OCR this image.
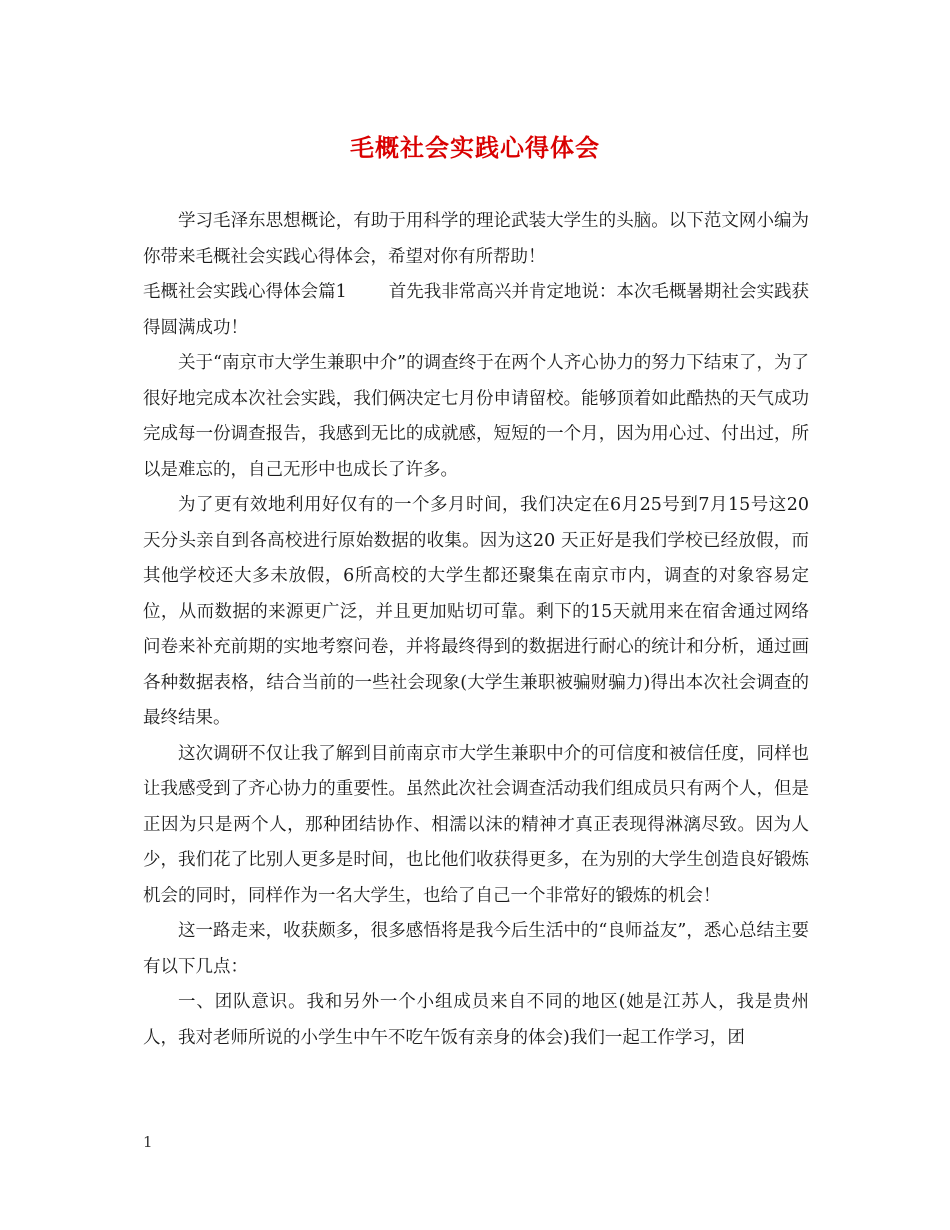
毛概社会实践心得体会

学习毛泽东思想概论，有助于用科学的理论武装大学生的头脑。以下范文网小编为你带来毛概社会实践心得体会，希望对你有所帮助！

毛概社会实践心得体会篇1 首先我非常高兴并肯定地说：本次毛概暑期社会实践获得圆满成功！

关于“南京市大学生兼职中介”的调查终于在两个人齐心协力的努力下结束了，为了很好地完成本次社会实践，我们俩决定七月份申请留校。能够顶着如此酷热的天气成功完成每一份调查报告，我感到无比的成就感，短短的一个月，因为用心过、付出过，所以是难忘的，自己无形中也成长了许多。

为了更有效地利用好仅有的一个多月时间，我们决定在6月25号到7月15号这20 天分头亲自到各高校进行原始数据的收集。因为这20 天正好是我们学校已经放假，而其他学校还大多未放假，6所高校的大学生都还聚集在南京市内，调查的对象容易定位，从而数据的来源更广泛，并且更加贴切可靠。剩下的15天就用来在宿舍通过网络问卷来补充前期的实地考察问卷，并将最终得到的数据进行耐心的统计和分析，通过画各种数据表格，结合当前的一些社会现象(大学生兼职被骗财骗力)得出本次社会调查的最终结果。

这次调研不仅让我了解到目前南京市大学生兼职中介的可信度和被信任度，同样也让我感受到了齐心协力的重要性。虽然此次社会调查活动我们组成员只有两个人，但是正因为只是两个人，那种团结协作、相濡以沫的精神才真正表现得淋漓尽致。因为人少，我们花了比别人更多是时间，也比他们收获得更多，在为别的大学生创造良好锻炼机会的同时，同样作为一名大学生，也给了自己一个非常好的锻炼的机会！

这一路走来，收获颇多，很多感悟将是我今后生活中的“良师益友”，悉心总结主要有以下几点：

一、团队意识。我和另外一个小组成员来自不同的地区(她是江苏人，我是贵州人，我对老师所说的小学生中午不吃午饭有亲身的体会)我们一起工作学习，团

1
